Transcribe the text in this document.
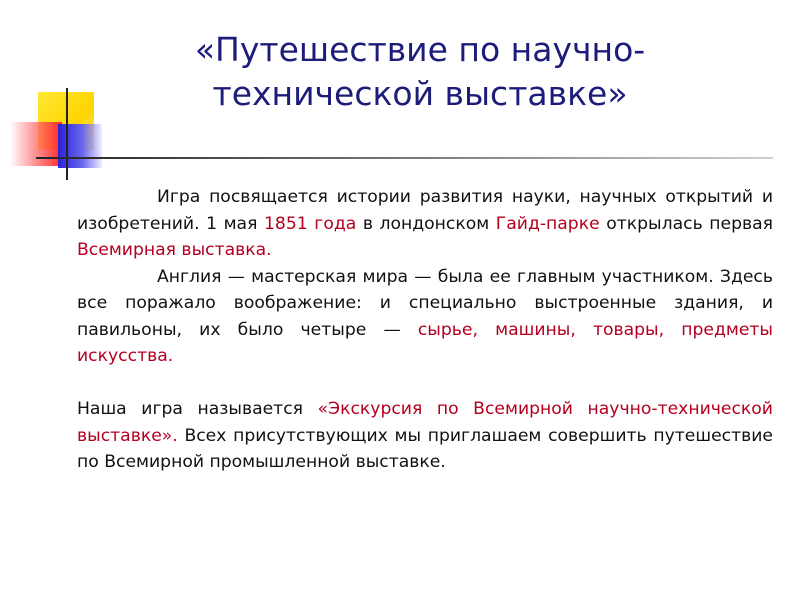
«Путешествие по научно-
технической выставке»

Игра посвящается истории развития науки, научных открытий и изобретений. 1 мая 1851 года в лондонском Гайд-парке открылась первая Всемирная выставка.

Англия — мастерская мира — была ее главным участником. Здесь все поражало воображение: и специально выстроенные здания, и павильоны, их было четыре — сырье, машины, товары, предметы искусства.

Наша игра называется «Экскурсия по Всемирной научно-технической выставке». Всех присутствующих мы приглашаем совершить путешествие по Всемирной промышленной выставке.
